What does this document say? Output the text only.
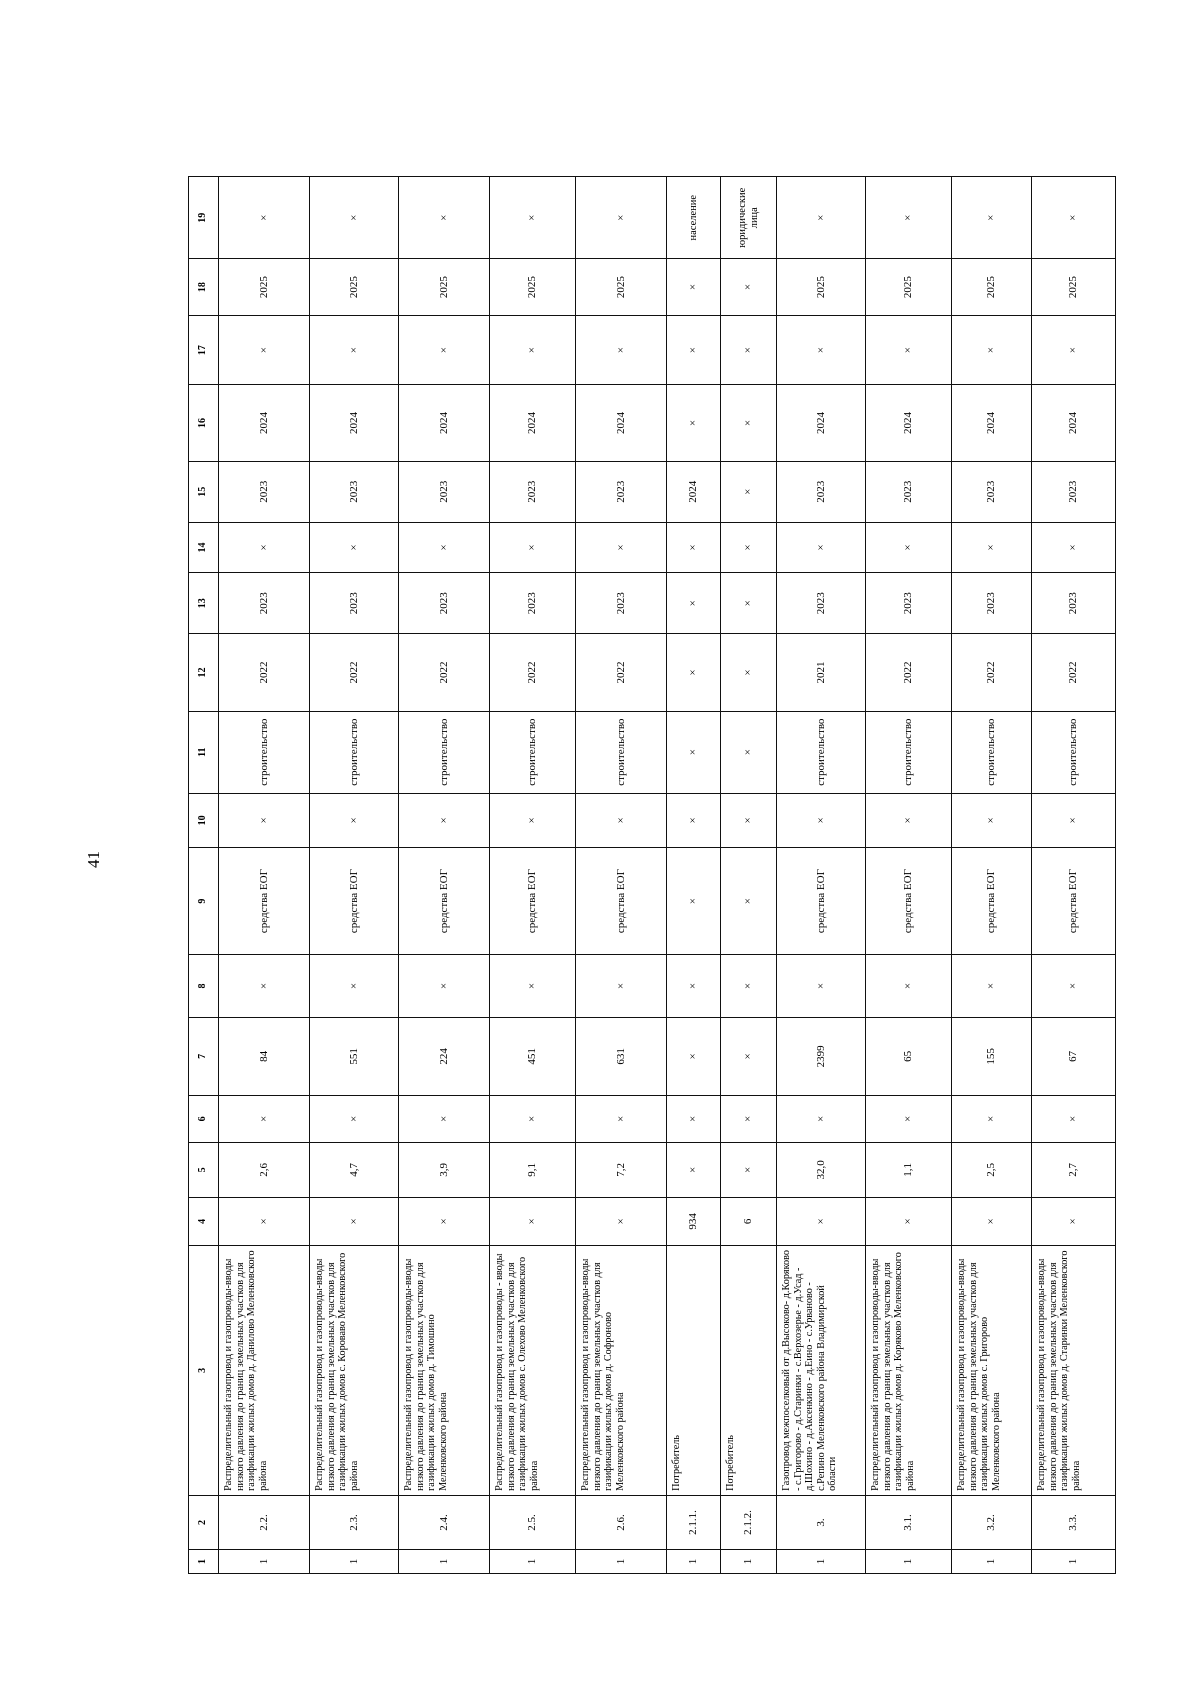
41
1	2	3	4	5	6	7	8	9	10	11	12	13	14	15	16	17	18	19
1	2.2.	Распределительный газопровод и газопроводы-вводы низкого давления до границ земельных участков для газификации жилых домов д. Данилово Меленковского района	×	2,6	×	84	×	средства ЕОГ	×	строительство	2022	2023	×	2023	2024	×	2025	×
1	2.3.	Распределительный газопровод и газопроводы-вводы низкого давления до границ земельных участков для газификации жилых домов с. Короваво Меленковского района	×	4,7	×	551	×	средства ЕОГ	×	строительство	2022	2023	×	2023	2024	×	2025	×
1	2.4.	Распределительный газопровод и газопроводы-вводы низкого давления до границ земельных участков для газификации жилых домов д. Тимошино Меленковского района	×	3,9	×	224	×	средства ЕОГ	×	строительство	2022	2023	×	2023	2024	×	2025	×
1	2.5.	Распределительный газопровод и газопроводы - вводы низкого давления до границ земельных участков для газификации жилых домов с. Олехово Меленковского района	×	9,1	×	451	×	средства ЕОГ	×	строительство	2022	2023	×	2023	2024	×	2025	×
1	2.6.	Распределительный газопровод и газопроводы-вводы низкого давления до границ земельных участков для газификации жилых домов д. Софроново Меленковского района	×	7,2	×	631	×	средства ЕОГ	×	строительство	2022	2023	×	2023	2024	×	2025	×
1	2.1.1.	Потребитель	934	×	×	×	×	×	×	×	×	×	×	2024	×	×	×	население
1	2.1.2.	Потребитель	6	×	×	×	×	×	×	×	×	×	×	×	×	×	×	юридические лица
1	3.	Газопровод межпоселковый от д.Высоково- д.Коряково - с.Григорово - д.Старинки - с.Верхозерье - д.Усад - д.Шохино - д.Аксенкино - д.Еино - с.Урваново - с.Репино Меленковского района Владимирской области	×	32,0	×	2399	×	средства ЕОГ	×	строительство	2021	2023	×	2023	2024	×	2025	×
1	3.1.	Распределительный газопровод и газопроводы-вводы низкого давления до границ земельных участков для газификации жилых домов д. Коряково Меленковского района	×	1,1	×	65	×	средства ЕОГ	×	строительство	2022	2023	×	2023	2024	×	2025	×
1	3.2.	Распределительный газопровод и газопроводы-вводы низкого давления до границ земельных участков для газификации жилых домов с. Григорово Меленковского района	×	2,5	×	155	×	средства ЕОГ	×	строительство	2022	2023	×	2023	2024	×	2025	×
1	3.3.	Распределительный газопровод и газопроводы-вводы низкого давления до границ земельных участков для газификации жилых домов д. Старинки Меленковского района	×	2,7	×	67	×	средства ЕОГ	×	строительство	2022	2023	×	2023	2024	×	2025	×
